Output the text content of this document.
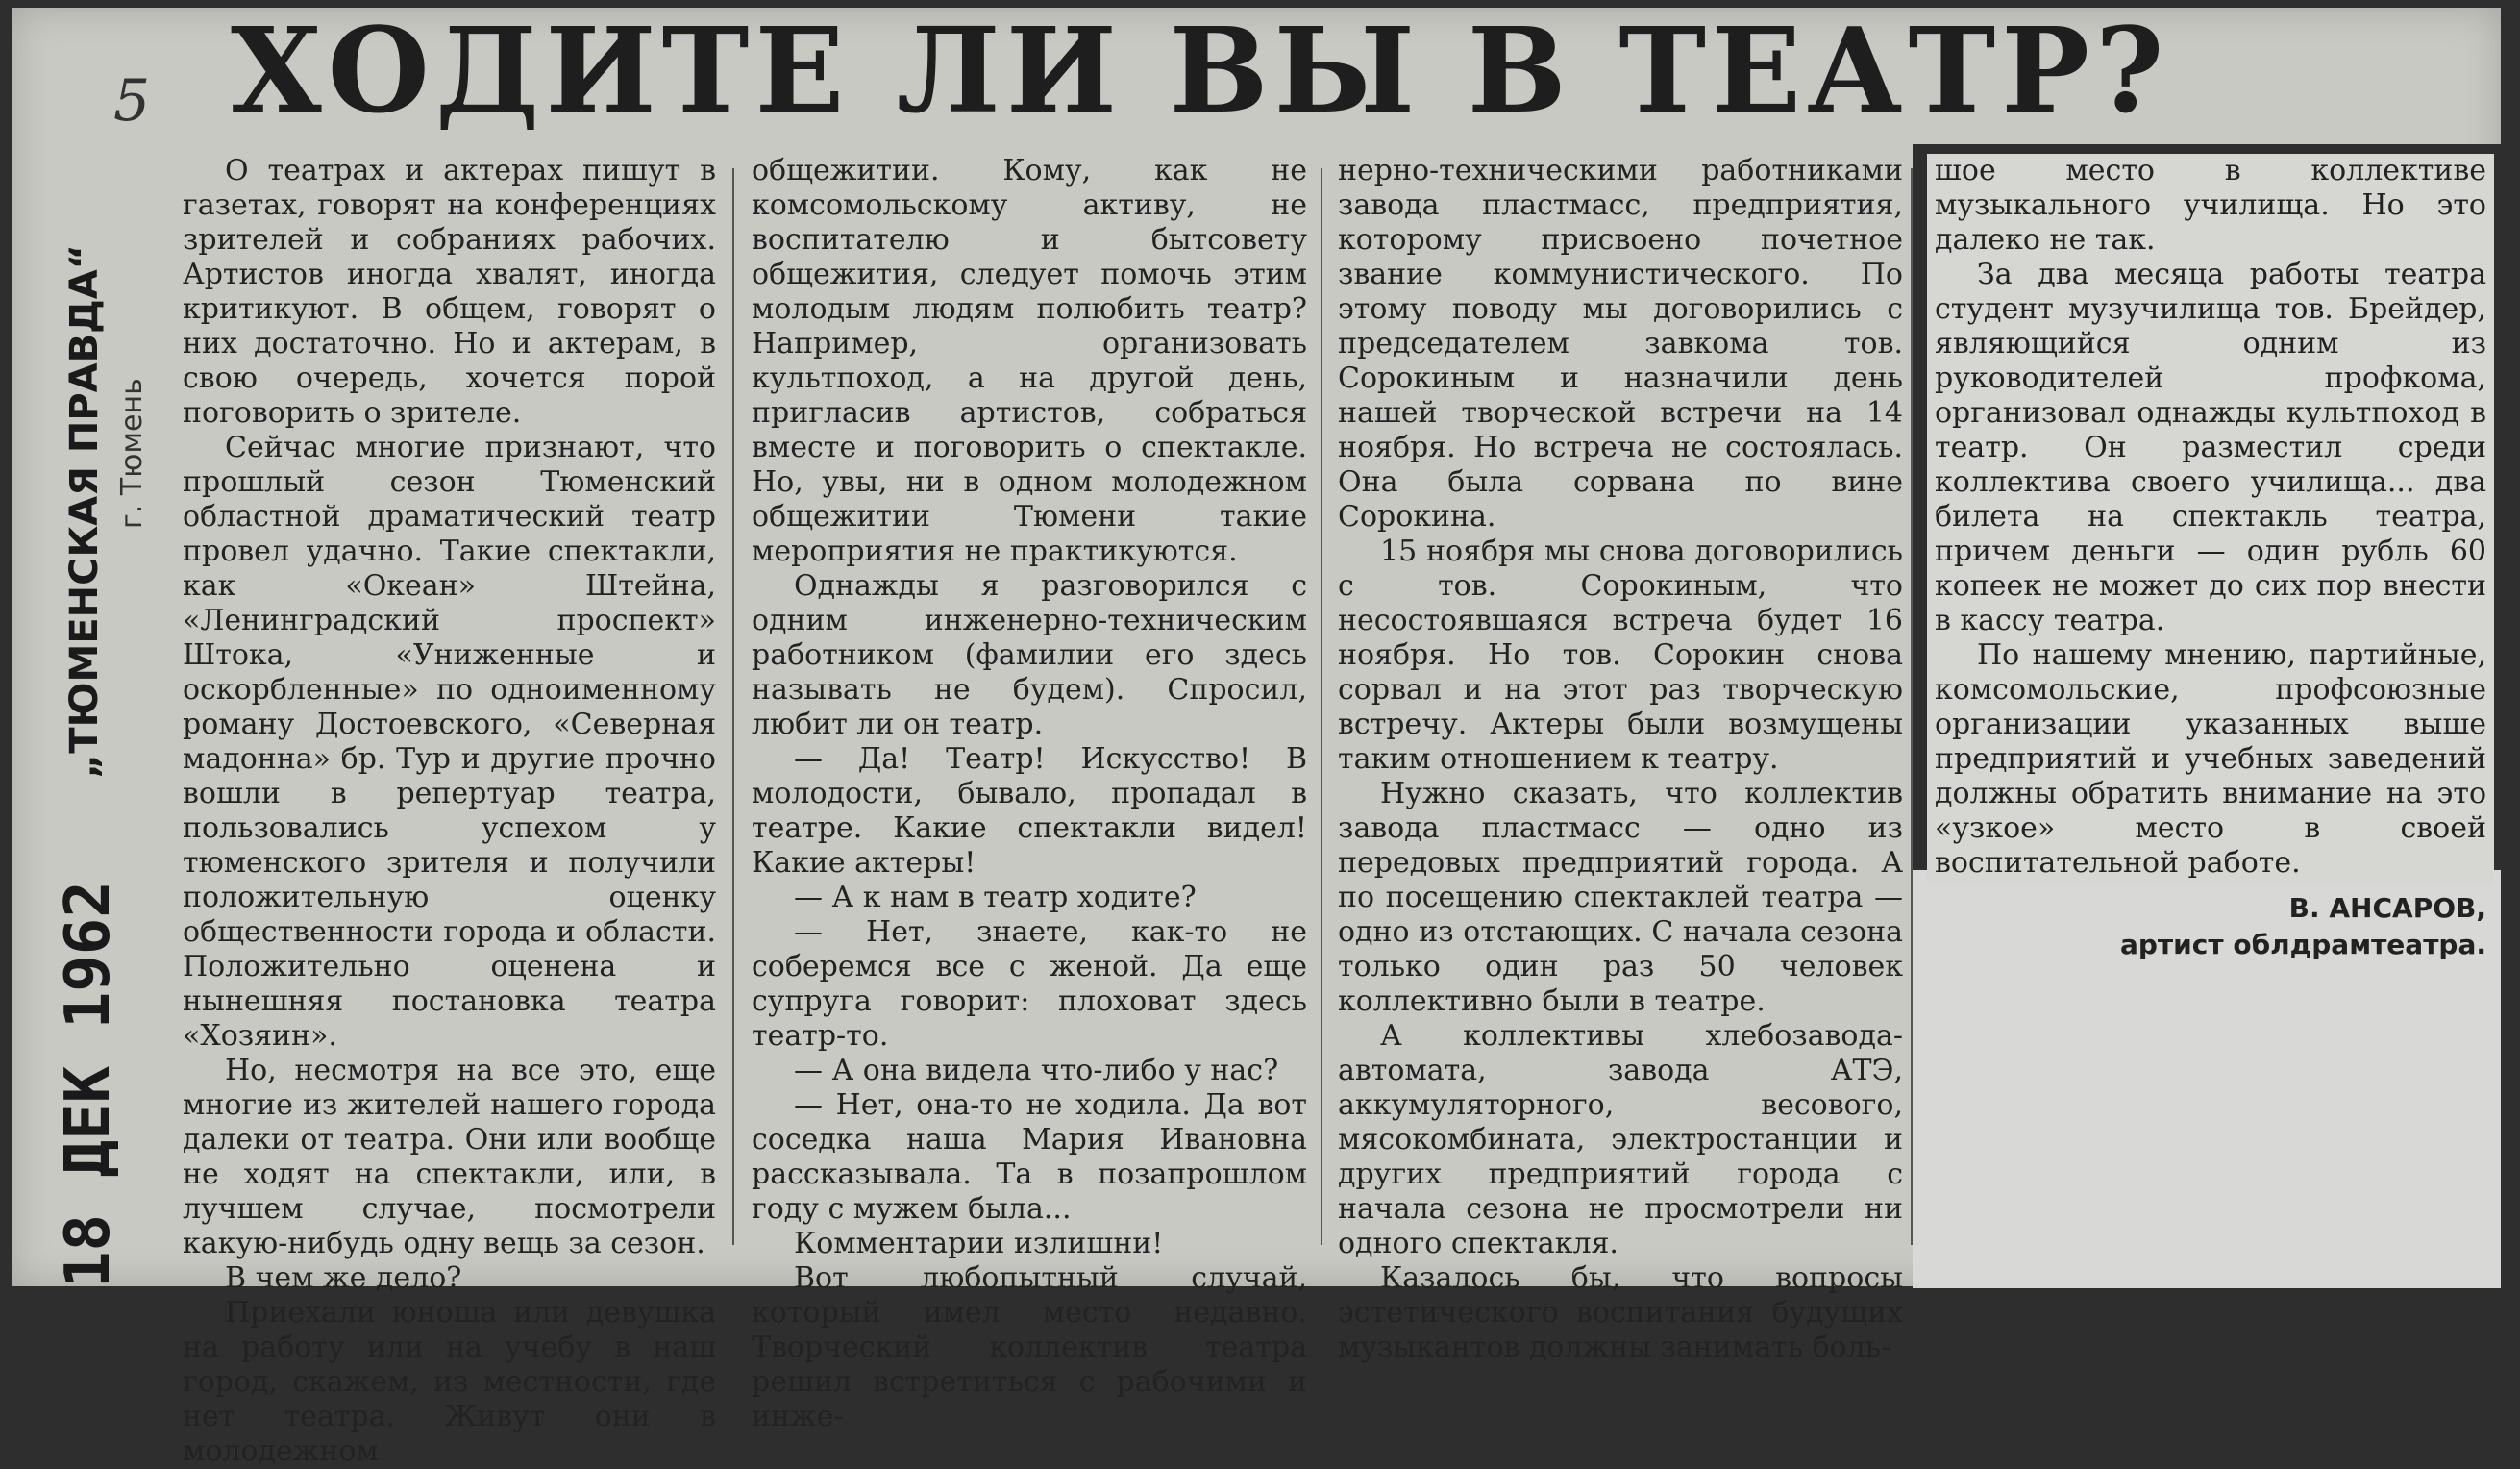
ХОДИТЕ ЛИ ВЫ В ТЕАТР?
5
„ТЮМЕНСКАЯ ПРАВДА“ г. Тюмень
18 ДЕК 1962

О театрах и актерах пишут в газетах, говорят на конференциях зрителей и собраниях рабочих. Артистов иногда хвалят, иногда критикуют. В общем, говорят о них достаточно. Но и актерам, в свою очередь, хочется порой поговорить о зрителе.

Сейчас многие признают, что прошлый сезон Тюменский областной драматический театр провел удачно. Такие спектакли, как «Океан» Штейна, «Ленинградский проспект» Штока, «Униженные и оскорбленные» по одноименному роману Достоевского, «Северная мадонна» бр. Тур и другие прочно вошли в репертуар театра, пользовались успехом у тюменского зрителя и получили положительную оценку общественности города и области. Положительно оценена и нынешняя постановка театра «Хозяин».

Но, несмотря на все это, еще многие из жителей нашего города далеки от театра. Они или вообще не ходят на спектакли, или, в лучшем случае, посмотрели какую-нибудь одну вещь за сезон.

В чем же дело?

Приехали юноша или девушка на работу или на учебу в наш город, скажем, из местности, где нет театра. Живут они в молодежном

общежитии. Кому, как не комсомольскому активу, не воспитателю и бытсовету общежития, следует помочь этим молодым людям полюбить театр? Например, организовать культпоход, а на другой день, пригласив артистов, собраться вместе и поговорить о спектакле. Но, увы, ни в одном молодежном общежитии Тюмени такие мероприятия не практикуются.

Однажды я разговорился с одним инженерно-техническим работником (фамилии его здесь называть не будем). Спросил, любит ли он театр.

— Да! Театр! Искусство! В молодости, бывало, пропадал в театре. Какие спектакли видел! Какие актеры!

— А к нам в театр ходите?

— Нет, знаете, как-то не соберемся все с женой. Да еще супруга говорит: плоховат здесь театр-то.

— А она видела что-либо у нас?

— Нет, она-то не ходила. Да вот соседка наша Мария Ивановна рассказывала. Та в позапрошлом году с мужем была...

Комментарии излишни!

Вот любопытный случай, который имел место недавно. Творческий коллектив театра решил встретиться с рабочими и инже-

нерно-техническими работниками завода пластмасс, предприятия, которому присвоено почетное звание коммунистического. По этому поводу мы договорились с председателем завкома тов. Сорокиным и назначили день нашей творческой встречи на 14 ноября. Но встреча не состоялась. Она была сорвана по вине Сорокина.

15 ноября мы снова договорились с тов. Сорокиным, что несостоявшаяся встреча будет 16 ноября. Но тов. Сорокин снова сорвал и на этот раз творческую встречу. Актеры были возмущены таким отношением к театру.

Нужно сказать, что коллектив завода пластмасс — одно из передовых предприятий города. А по посещению спектаклей театра — одно из отстающих. С начала сезона только один раз 50 человек коллективно были в театре.

А коллективы хлебозавода-автомата, завода АТЭ, аккумуляторного, весового, мясокомбината, электростанции и других предприятий города с начала сезона не просмотрели ни одного спектакля.

Казалось бы, что вопросы эстетического воспитания будущих музыкантов должны занимать боль-

шое место в коллективе музыкального училища. Но это далеко не так.

За два месяца работы театра студент музучилища тов. Брейдер, являющийся одним из руководителей профкома, организовал однажды культпоход в театр. Он разместил среди коллектива своего училища... два билета на спектакль театра, причем деньги — один рубль 60 копеек не может до сих пор внести в кассу театра.

По нашему мнению, партийные, комсомольские, профсоюзные организации указанных выше предприятий и учебных заведений должны обратить внимание на это «узкое» место в своей воспитательной работе.

В. АНСАРОВ,
артист облдрамтеатра.
